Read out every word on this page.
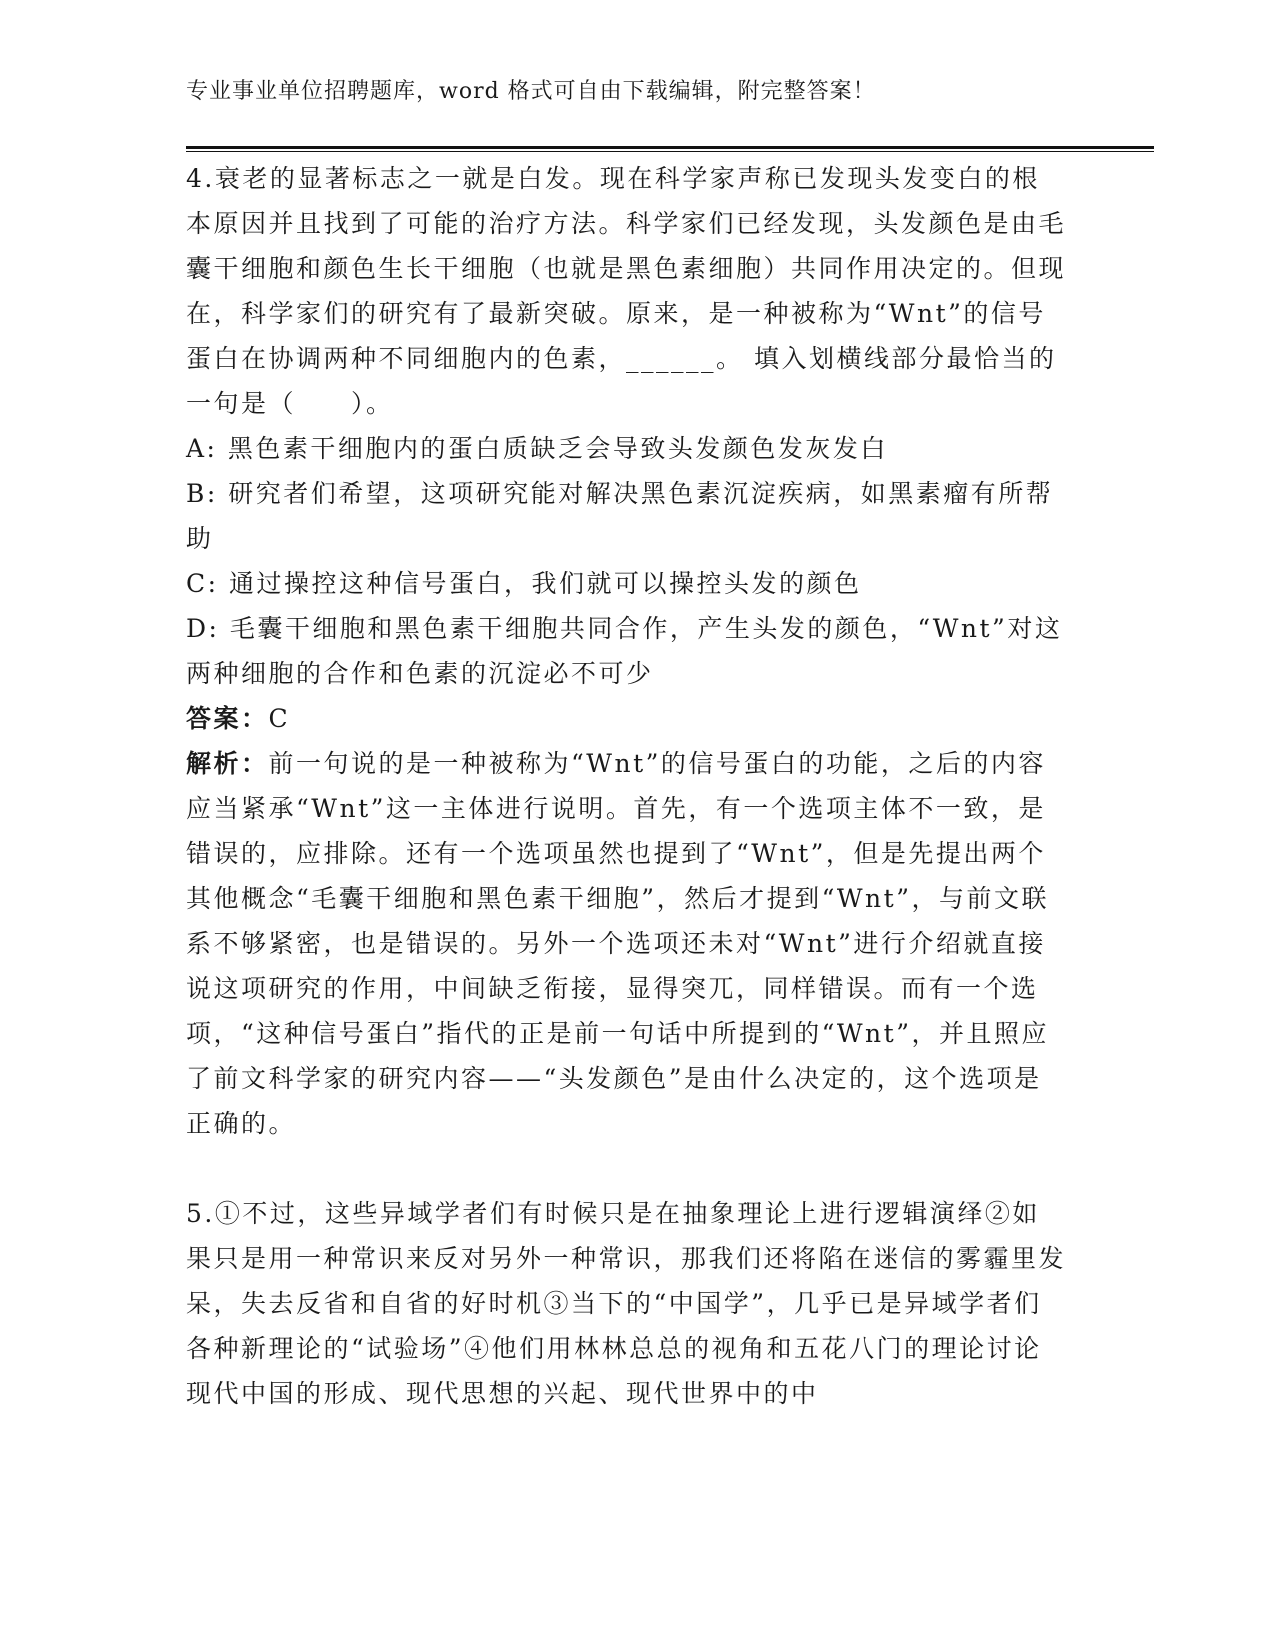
专业事业单位招聘题库，word 格式可自由下载编辑，附完整答案！

4.衰老的显著标志之一就是白发。现在科学家声称已发现头发变白的根本原因并且找到了可能的治疗方法。科学家们已经发现，头发颜色是由毛囊干细胞和颜色生长干细胞（也就是黑色素细胞）共同作用决定的。但现在，科学家们的研究有了最新突破。原来，是一种被称为“Wnt”的信号蛋白在协调两种不同细胞内的色素，______。 填入划横线部分最恰当的一句是（　　）。

A: 黑色素干细胞内的蛋白质缺乏会导致头发颜色发灰发白

B: 研究者们希望，这项研究能对解决黑色素沉淀疾病，如黑素瘤有所帮助

C: 通过操控这种信号蛋白，我们就可以操控头发的颜色

D: 毛囊干细胞和黑色素干细胞共同合作，产生头发的颜色，“Wnt”对这两种细胞的合作和色素的沉淀必不可少

答案：C

解析：前一句说的是一种被称为“Wnt”的信号蛋白的功能，之后的内容应当紧承“Wnt”这一主体进行说明。首先，有一个选项主体不一致，是错误的，应排除。还有一个选项虽然也提到了“Wnt”，但是先提出两个其他概念“毛囊干细胞和黑色素干细胞”，然后才提到“Wnt”，与前文联系不够紧密，也是错误的。另外一个选项还未对“Wnt”进行介绍就直接说这项研究的作用，中间缺乏衔接，显得突兀，同样错误。而有一个选项，“这种信号蛋白”指代的正是前一句话中所提到的“Wnt”，并且照应了前文科学家的研究内容——“头发颜色”是由什么决定的，这个选项是正确的。

5.①不过，这些异域学者们有时候只是在抽象理论上进行逻辑演绎②如果只是用一种常识来反对另外一种常识，那我们还将陷在迷信的雾霾里发呆，失去反省和自省的好时机③当下的“中国学”，几乎已是异域学者们各种新理论的“试验场”④他们用林林总总的视角和五花八门的理论讨论现代中国的形成、现代思想的兴起、现代世界中的中
